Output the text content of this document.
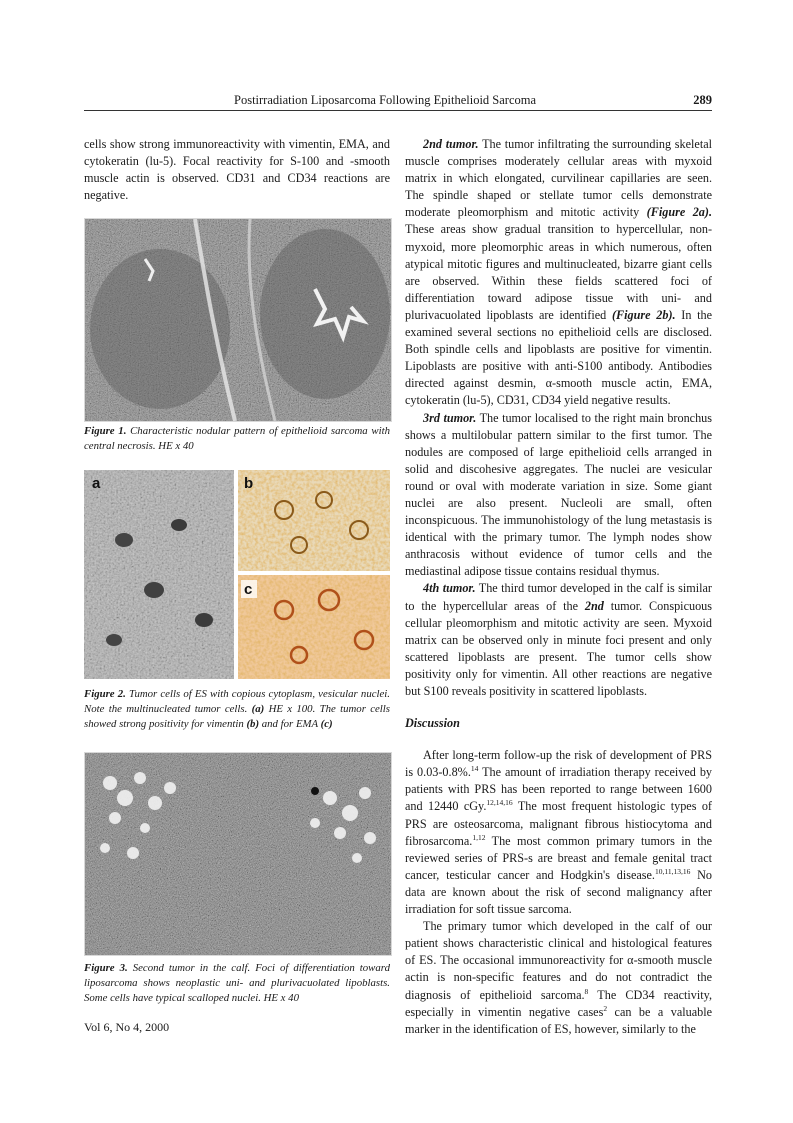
Postirradiation Liposarcoma Following Epithelioid Sarcoma	289

cells show strong immunoreactivity with vimentin, EMA, and cytokeratin (lu-5). Focal reactivity for S-100 and -smooth muscle actin is observed. CD31 and CD34 reactions are negative.

Figure 1. Characteristic nodular pattern of epithelioid sarcoma with central necrosis. HE x 40
a	b
c
Figure 2. Tumor cells of ES with copious cytoplasm, vesicular nuclei. Note the multinucleated tumor cells. (a) HE x 100. The tumor cells showed strong positivity for vimentin (b) and for EMA (c)
Figure 3. Second tumor in the calf. Foci of differentiation toward liposarcoma shows neoplastic uni- and plurivacuolated lipoblasts. Some cells have typical scalloped nuclei. HE x 40

2nd tumor. The tumor infiltrating the surrounding skeletal muscle comprises moderately cellular areas with myxoid matrix in which elongated, curvilinear capillaries are seen. The spindle shaped or stellate tumor cells demonstrate moderate pleomorphism and mitotic activity (Figure 2a). These areas show gradual transition to hypercellular, non-myxoid, more pleomorphic areas in which numerous, often atypical mitotic figures and multinucleated, bizarre giant cells are observed. Within these fields scattered foci of differentiation toward adipose tissue with uni- and plurivacuolated lipoblasts are identified (Figure 2b). In the examined several sections no epithelioid cells are disclosed. Both spindle cells and lipoblasts are positive for vimentin. Lipoblasts are positive with anti-S100 antibody. Antibodies directed against desmin, α-smooth muscle actin, EMA, cytokeratin (lu-5), CD31, CD34 yield negative results.

3rd tumor. The tumor localised to the right main bronchus shows a multilobular pattern similar to the first tumor. The nodules are composed of large epithelioid cells arranged in solid and discohesive aggregates. The nuclei are vesicular round or oval with moderate variation in size. Some giant nuclei are also present. Nucleoli are small, often inconspicuous. The immunohistology of the lung metastasis is identical with the primary tumor. The lymph nodes show anthracosis without evidence of tumor cells and the mediastinal adipose tissue contains residual thymus.

4th tumor. The third tumor developed in the calf is similar to the hypercellular areas of the 2nd tumor. Conspicuous cellular pleomorphism and mitotic activity are seen. Myxoid matrix can be observed only in minute foci present and only scattered lipoblasts are present. The tumor cells show positivity only for vimentin. All other reactions are negative but S100 reveals positivity in scattered lipoblasts.

Discussion

After long-term follow-up the risk of development of PRS is 0.03-0.8%.$^{14}$ The amount of irradiation therapy received by patients with PRS has been reported to range between 1600 and 12440 cGy.$^{12,14,16}$ The most frequent histologic types of PRS are osteosarcoma, malignant fibrous histiocytoma and fibrosarcoma.$^{1,12}$ The most common primary tumors in the reviewed series of PRS-s are breast and female genital tract cancer, testicular cancer and Hodgkin's disease.$^{10,11,13,16}$ No data are known about the risk of second malignancy after irradiation for soft tissue sarcoma.

The primary tumor which developed in the calf of our patient shows characteristic clinical and histological features of ES. The occasional immunoreactivity for α-smooth muscle actin is non-specific features and do not contradict the diagnosis of epithelioid sarcoma.$^8$ The CD34 reactivity, especially in vimentin negative cases$^2$ can be a valuable marker in the identification of ES, however, similarly to the

Vol 6, No 4, 2000
